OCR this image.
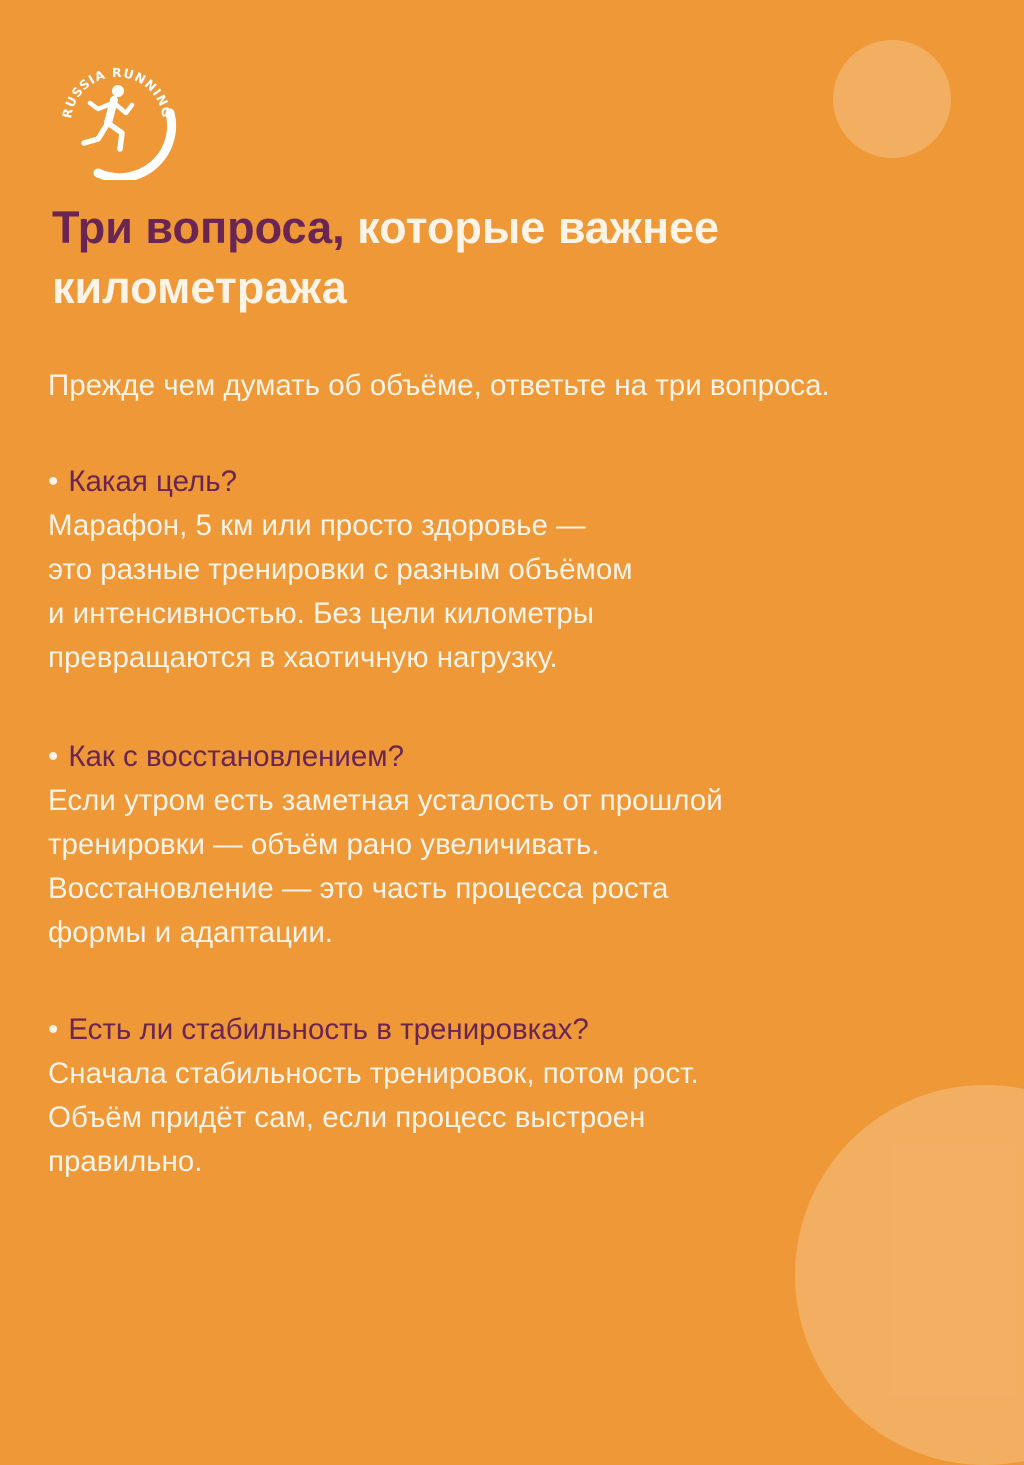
RUSSIA RUNNING
Три вопроса, которые важнее
километража

Прежде чем думать об объёме, ответьте на три вопроса.

• Какая цель?

Марафон, 5 км или просто здоровье —

это разные тренировки с разным объёмом

и интенсивностью. Без цели километры

превращаются в хаотичную нагрузку.

• Как с восстановлением?

Если утром есть заметная усталость от прошлой

тренировки — объём рано увеличивать.

Восстановление — это часть процесса роста

формы и адаптации.

• Есть ли стабильность в тренировках?

Сначала стабильность тренировок, потом рост.

Объём придёт сам, если процесс выстроен

правильно.
